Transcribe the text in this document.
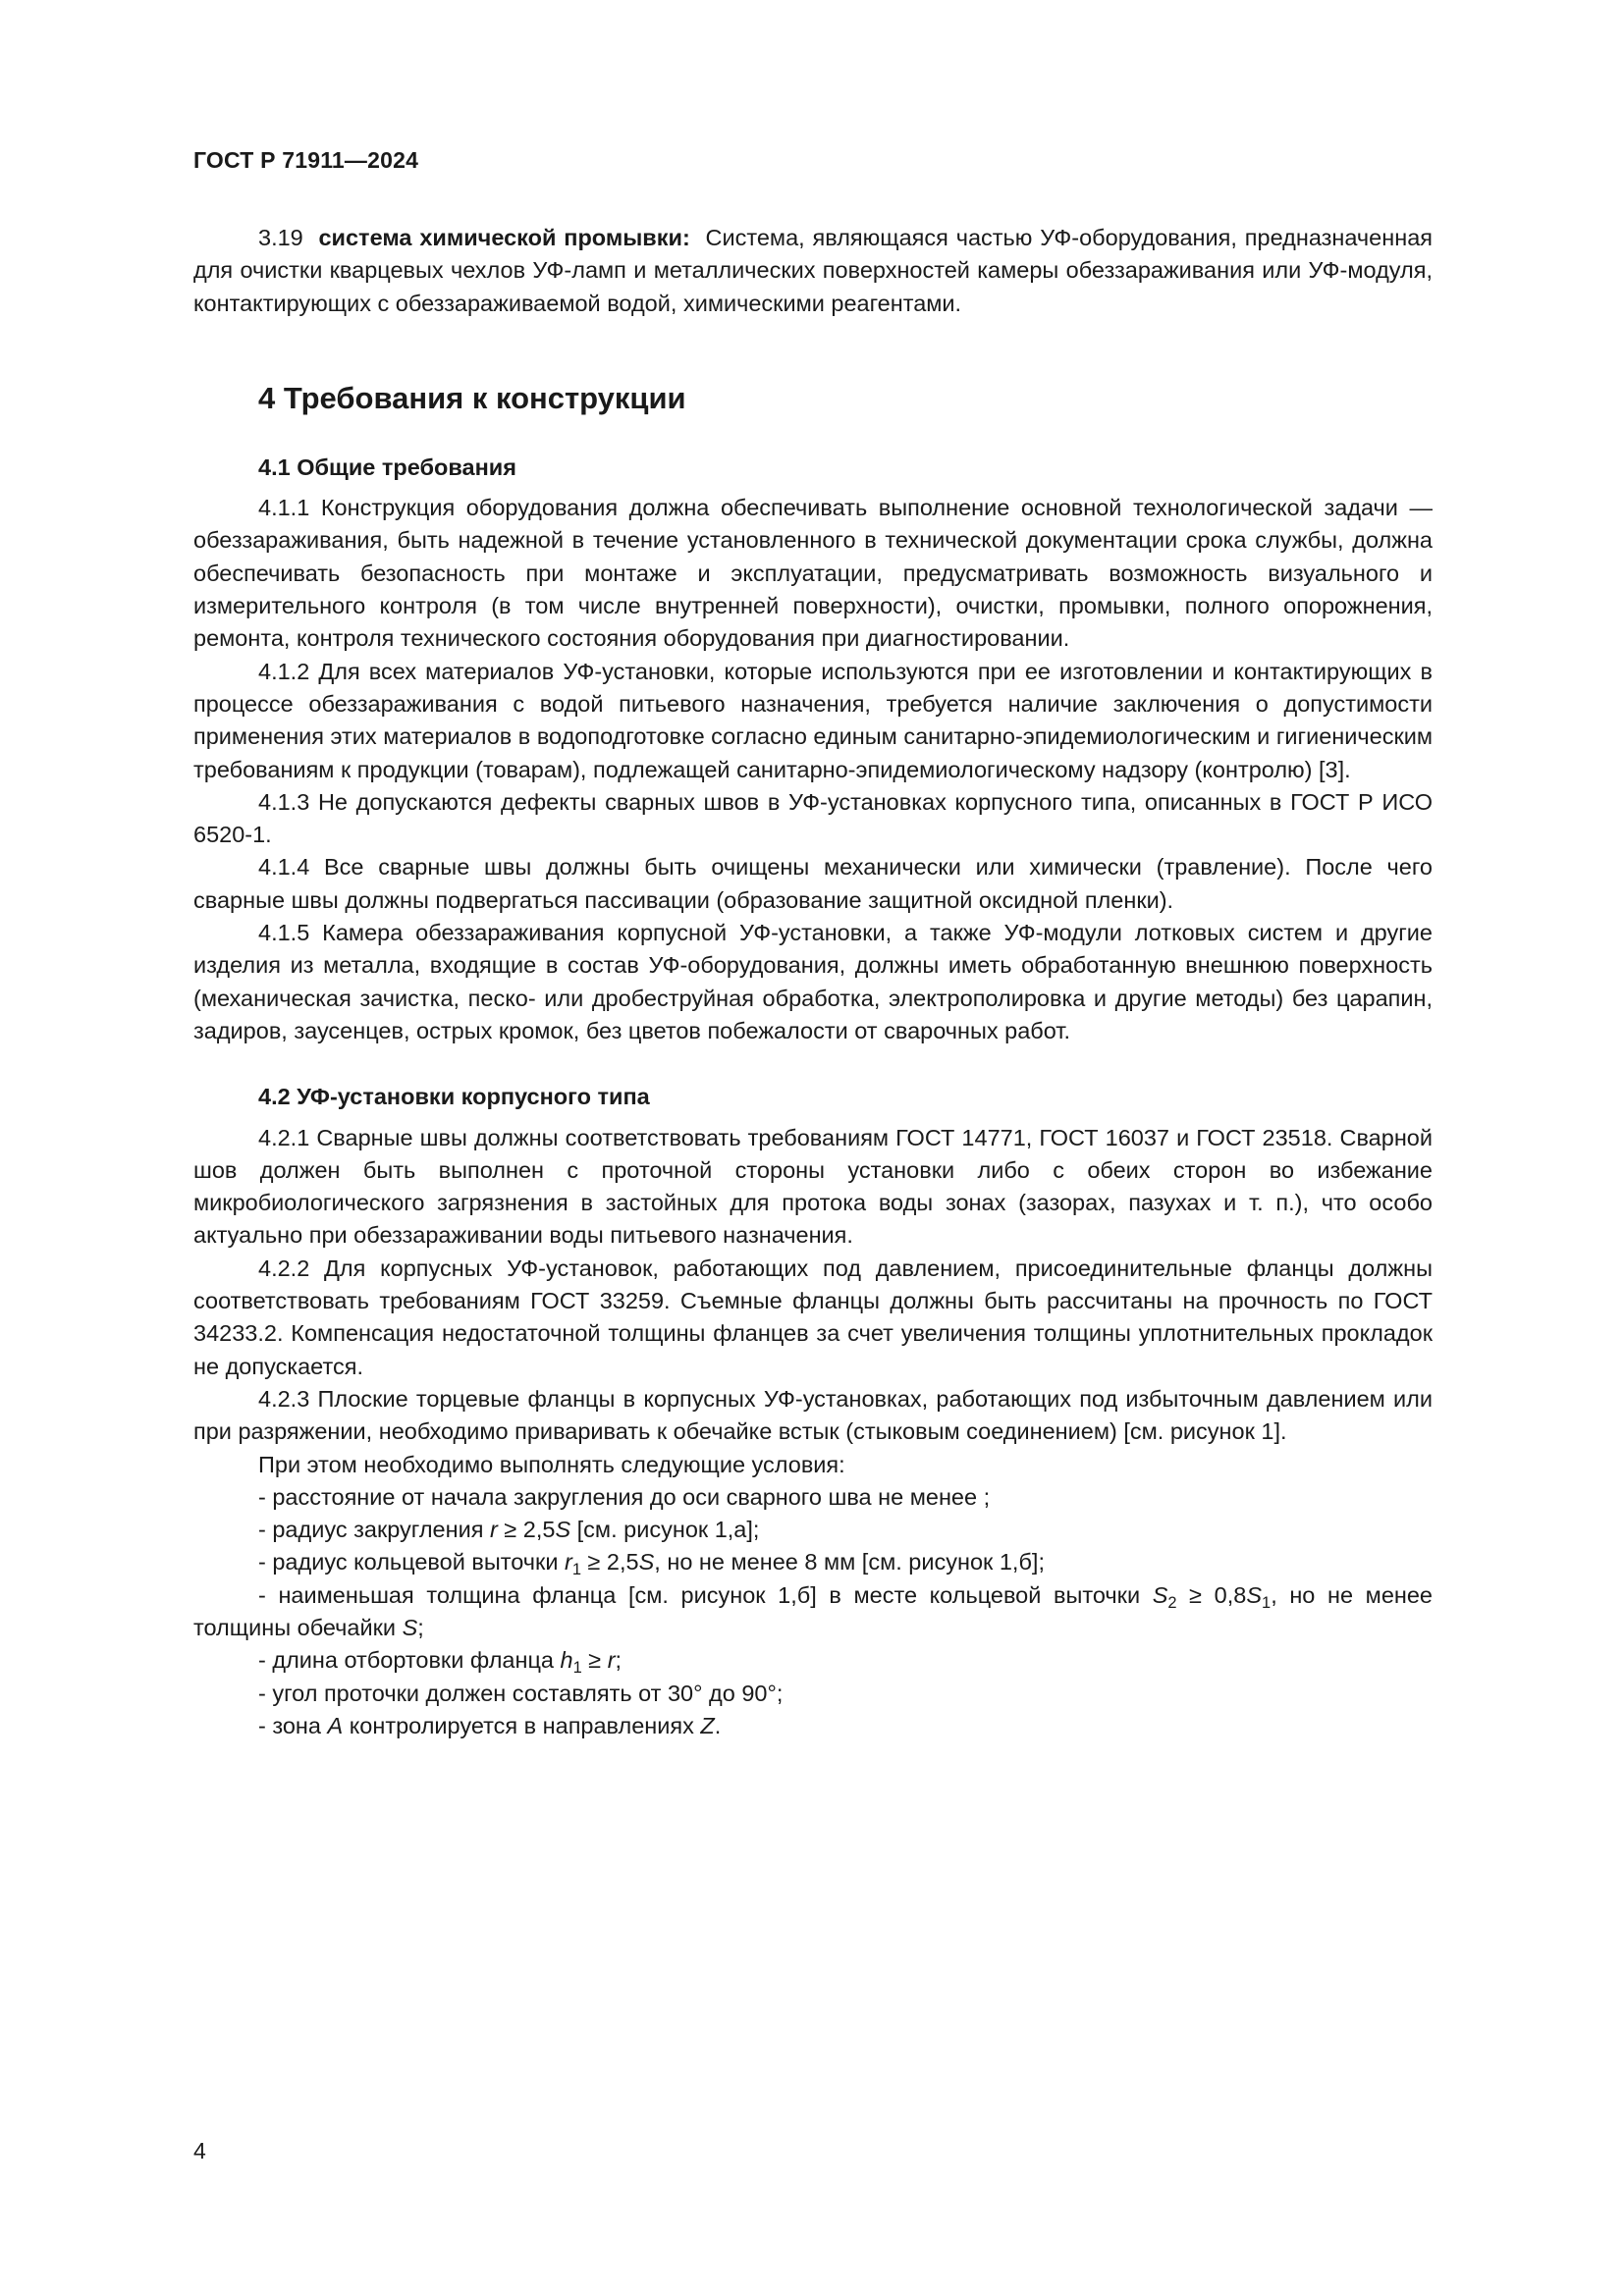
ГОСТ Р 71911—2024

3.19 система химической промывки: Система, являющаяся частью УФ-оборудования, предназначенная для очистки кварцевых чехлов УФ-ламп и металлических поверхностей камеры обеззараживания или УФ-модуля, контактирующих с обеззараживаемой водой, химическими реагентами.

4 Требования к конструкции
4.1 Общие требования

4.1.1 Конструкция оборудования должна обеспечивать выполнение основной технологической задачи — обеззараживания, быть надежной в течение установленного в технической документации срока службы, должна обеспечивать безопасность при монтаже и эксплуатации, предусматривать возможность визуального и измерительного контроля (в том числе внутренней поверхности), очистки, промывки, полного опорожнения, ремонта, контроля технического состояния оборудования при диагностировании.

4.1.2 Для всех материалов УФ-установки, которые используются при ее изготовлении и контактирующих в процессе обеззараживания с водой питьевого назначения, требуется наличие заключения о допустимости применения этих материалов в водоподготовке согласно единым санитарно-эпидемиологическим и гигиеническим требованиям к продукции (товарам), подлежащей санитарно-эпидемиологическому надзору (контролю) [3].

4.1.3 Не допускаются дефекты сварных швов в УФ-установках корпусного типа, описанных в ГОСТ Р ИСО 6520-1.

4.1.4 Все сварные швы должны быть очищены механически или химически (травление). После чего сварные швы должны подвергаться пассивации (образование защитной оксидной пленки).

4.1.5 Камера обеззараживания корпусной УФ-установки, а также УФ-модули лотковых систем и другие изделия из металла, входящие в состав УФ-оборудования, должны иметь обработанную внешнюю поверхность (механическая зачистка, песко- или дробеструйная обработка, электрополировка и другие методы) без царапин, задиров, заусенцев, острых кромок, без цветов побежалости от сварочных работ.

4.2 УФ-установки корпусного типа

4.2.1 Сварные швы должны соответствовать требованиям ГОСТ 14771, ГОСТ 16037 и ГОСТ 23518. Сварной шов должен быть выполнен с проточной стороны установки либо с обеих сторон во избежание микробиологического загрязнения в застойных для протока воды зонах (зазорах, пазухах и т. п.), что особо актуально при обеззараживании воды питьевого назначения.

4.2.2 Для корпусных УФ-установок, работающих под давлением, присоединительные фланцы должны соответствовать требованиям ГОСТ 33259. Съемные фланцы должны быть рассчитаны на прочность по ГОСТ 34233.2. Компенсация недостаточной толщины фланцев за счет увеличения толщины уплотнительных прокладок не допускается.

4.2.3 Плоские торцевые фланцы в корпусных УФ-установках, работающих под избыточным давлением или при разряжении, необходимо приваривать к обечайке встык (стыковым соединением) [см. рисунок 1].

При этом необходимо выполнять следующие условия:

- расстояние от начала закругления до оси сварного шва не менее ;

- радиус закругления r ≥ 2,5S [см. рисунок 1,а];

- радиус кольцевой выточки $r_1 \ge 2,5S$, но не менее 8 мм [см. рисунок 1,б];

- наименьшая толщина фланца [см. рисунок 1,б] в месте кольцевой выточки $S_2 \ge 0,8S_1$, но не менее толщины обечайки S;

- длина отбортовки фланца $h_1 \ge r$;

- угол проточки должен составлять от 30° до 90°;

- зона A контролируется в направлениях Z.

4
